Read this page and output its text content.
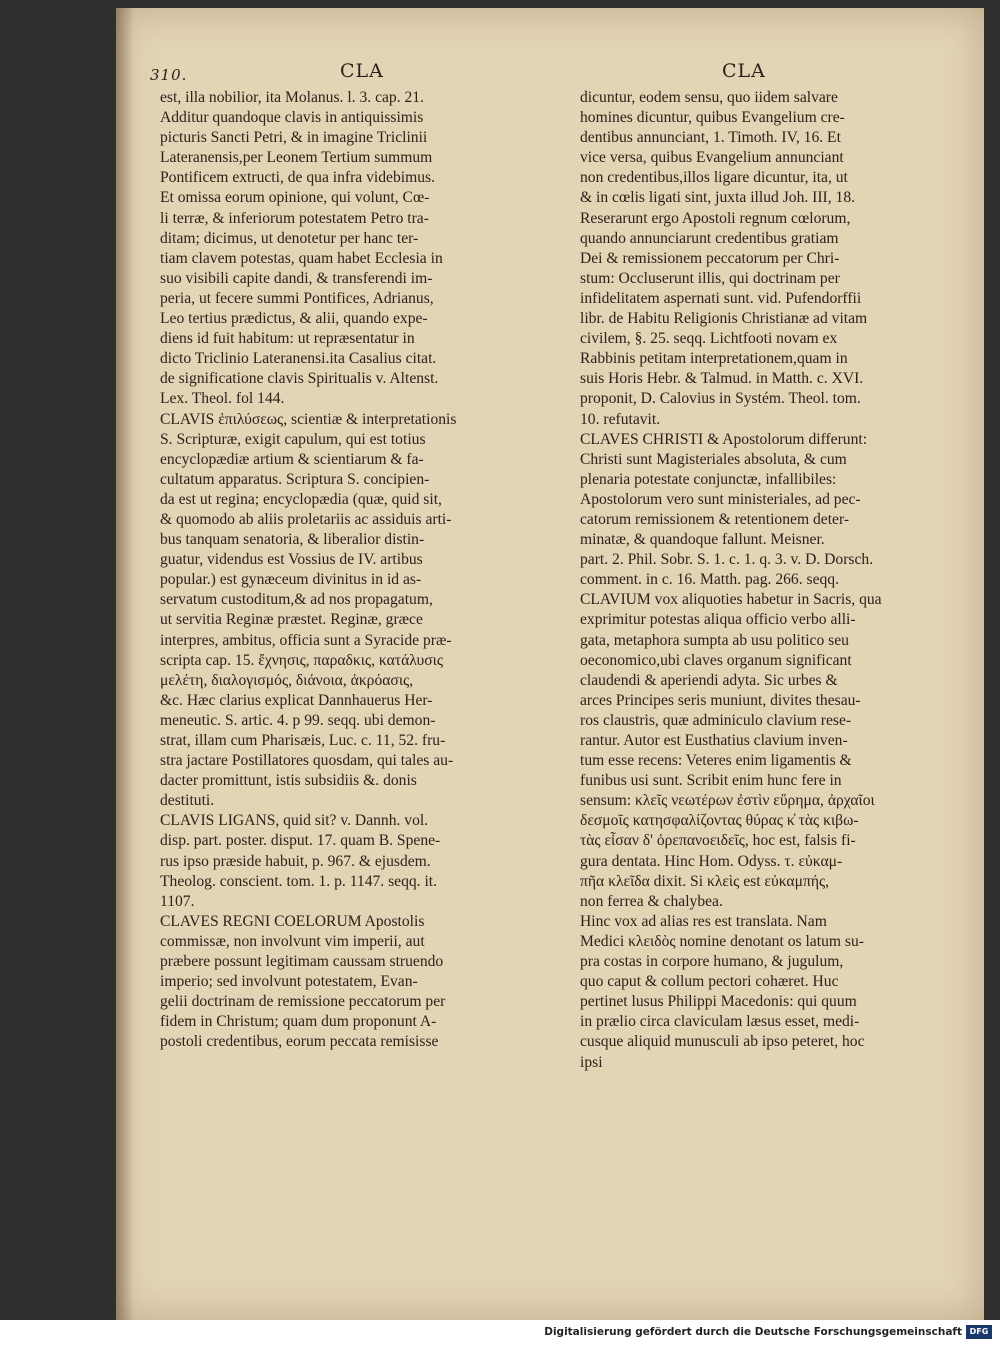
310.	CLA	CLA
est, illa nobilior, ita Molanus. l. 3. cap. 21.
Additur quandoque clavis in antiquissimis
picturis Sancti Petri, & in imagine Triclinii
Lateranensis,per Leonem Tertium summum
Pontificem extructi, de qua infra videbimus.
Et omissa eorum opinione, qui volunt, Cœ-
li terræ, & inferiorum potestatem Petro tra-
ditam; dicimus, ut denotetur per hanc ter-
tiam clavem potestas, quam habet Ecclesia in
suo visibili capite dandi, & transferendi im-
peria, ut fecere summi Pontifices, Adrianus,
Leo tertius prædictus, & alii, quando expe-
diens id fuit habitum: ut repræsentatur in
dicto Triclinio Lateranensi.ita Casalius citat.
de significatione clavis Spiritualis v. Altenst.
Lex. Theol. fol 144.
CLAVIS ἐπιλύσεως, scientiæ & interpretationis
S. Scripturæ, exigit capulum, qui est totius
encyclopædiæ artium & scientiarum & fa-
cultatum apparatus. Scriptura S. concipien-
da est ut regina; encyclopædia (quæ, quid sit,
& quomodo ab aliis proletariis ac assiduis arti-
bus tanquam senatoria, & liberalior distin-
guatur, videndus est Vossius de IV. artibus
popular.) est gynæceum divinitus in id as-
servatum custoditum,& ad nos propagatum,
ut servitia Reginæ præstet. Reginæ, græce
interpres, ambitus, officia sunt a Syracide præ-
scripta cap. 15. ἔχνησις, παραδκις, κατάλυσις
μελέτη, διαλογισμός, διάνοια, ἀκρόασις,
&c. Hæc clarius explicat Dannhauerus Her-
meneutic. S. artic. 4. p 99. seqq. ubi demon-
strat, illam cum Pharisæis, Luc. c. 11, 52. fru-
stra jactare Postillatores quosdam, qui tales au-
dacter promittunt, istis subsidiis &. donis
destituti.
CLAVIS LIGANS, quid sit? v. Dannh. vol.
disp. part. poster. disput. 17. quam B. Spene-
rus ipso præside habuit, p. 967. & ejusdem.
Theolog. conscient. tom. 1. p. 1147. seqq. it.
1107.
CLAVES REGNI COELORUM Apostolis
commissæ, non involvunt vim imperii, aut
præbere possunt legitimam caussam struendo
imperio; sed involvunt potestatem, Evan-
gelii doctrinam de remissione peccatorum per
fidem in Christum; quam dum proponunt A-
postoli credentibus, eorum peccata remisisse
dicuntur, eodem sensu, quo iidem salvare
homines dicuntur, quibus Evangelium cre-
dentibus annunciant, 1. Timoth. IV, 16. Et
vice versa, quibus Evangelium annunciant
non credentibus,illos ligare dicuntur, ita, ut
& in cœlis ligati sint, juxta illud Joh. III, 18.
Reserarunt ergo Apostoli regnum cœlorum,
quando annunciarunt credentibus gratiam
Dei & remissionem peccatorum per Chri-
stum: Occluserunt illis, qui doctrinam per
infidelitatem aspernati sunt. vid. Pufendorffii
libr. de Habitu Religionis Christianæ ad vitam
civilem, §. 25. seqq. Lichtfooti novam ex
Rabbinis petitam interpretationem,quam in
suis Horis Hebr. & Talmud. in Matth. c. XVI.
proponit, D. Calovius in Systém. Theol. tom.
10. refutavit.
CLAVES CHRISTI & Apostolorum differunt:
Christi sunt Magisteriales absoluta, & cum
plenaria potestate conjunctæ, infallibiles:
Apostolorum vero sunt ministeriales, ad pec-
catorum remissionem & retentionem deter-
minatæ, & quandoque fallunt. Meisner.
part. 2. Phil. Sobr. S. 1. c. 1. q. 3. v. D. Dorsch.
comment. in c. 16. Matth. pag. 266. seqq.
CLAVIUM vox aliquoties habetur in Sacris, qua
exprimitur potestas aliqua officio verbo alli-
gata, metaphora sumpta ab usu politico seu
oeconomico,ubi claves organum significant
claudendi & aperiendi adyta. Sic urbes &
arces Principes seris muniunt, divites thesau-
ros claustris, quæ adminiculo clavium rese-
rantur. Autor est Eusthatius clavium inven-
tum esse recens: Veteres enim ligamentis &
funibus usi sunt. Scribit enim hunc fere in
sensum: κλεῖς νεωτέρων ἐστὶν εὕρημα, ἀρχαῖοι
δεσμοῖς κατησφαλίζοντας θύρας κ̓ τὰς κιβω-
τὰς εἶσαν δ' ὀρεπανοειδεῖς, hoc est, falsis fi-
gura dentata. Hinc Hom. Odyss. τ. εὐκαμ-
πῆα κλεῖδα dixit. Si κλεὶς est εὐκαμπής,
non ferrea & chalybea.
Hinc vox ad alias res est translata. Nam
Medici κλειδὸς nomine denotant os latum su-
pra costas in corpore humano, & jugulum,
quo caput & collum pectori cohæret. Huc
pertinet lusus Philippi Macedonis: qui quum
in prælio circa claviculam læsus esset, medi-
cusque aliquid munusculi ab ipso peteret, hoc
ipsi
Digitalisierung gefördert durch die Deutsche Forschungsgemeinschaft DFG
